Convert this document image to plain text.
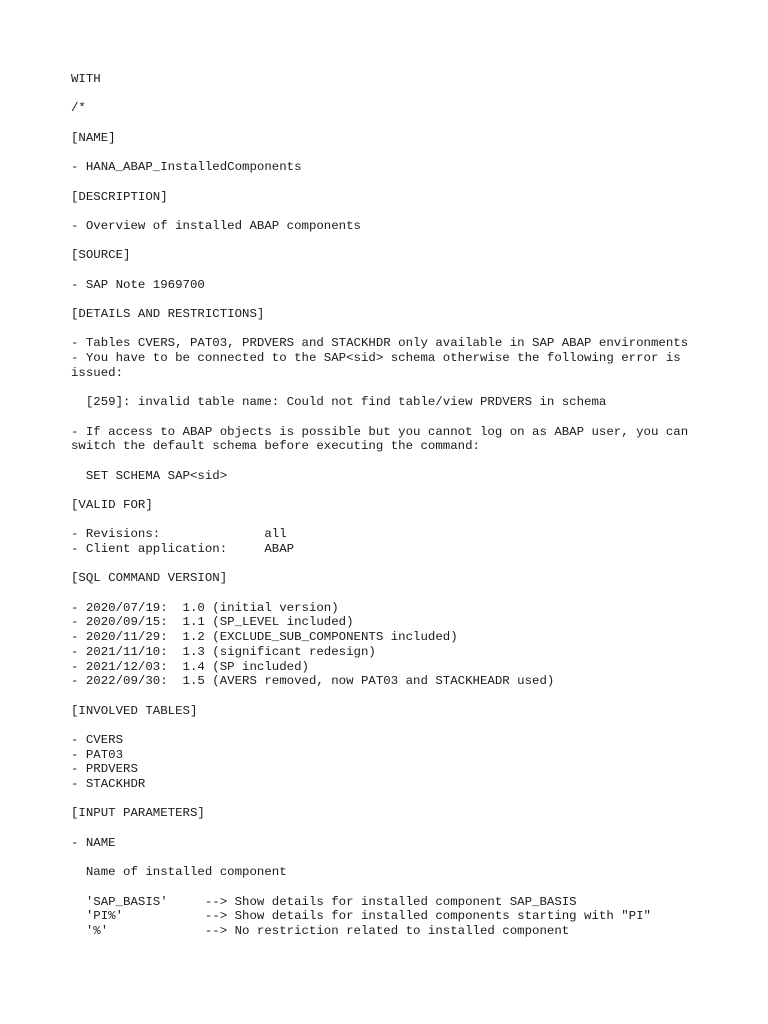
WITH
/*
[NAME]
- HANA_ABAP_InstalledComponents
[DESCRIPTION]
- Overview of installed ABAP components
[SOURCE]
- SAP Note 1969700
[DETAILS AND RESTRICTIONS]
- Tables CVERS, PAT03, PRDVERS and STACKHDR only available in SAP ABAP environments
- You have to be connected to the SAP<sid> schema otherwise the following error is
issued:
[259]: invalid table name: Could not find table/view PRDVERS in schema
- If access to ABAP objects is possible but you cannot log on as ABAP user, you can
switch the default schema before executing the command:
SET SCHEMA SAP<sid>
[VALID FOR]
- Revisions:              all
- Client application:     ABAP
[SQL COMMAND VERSION]
- 2020/07/19:  1.0 (initial version)
- 2020/09/15:  1.1 (SP_LEVEL included)
- 2020/11/29:  1.2 (EXCLUDE_SUB_COMPONENTS included)
- 2021/11/10:  1.3 (significant redesign)
- 2021/12/03:  1.4 (SP included)
- 2022/09/30:  1.5 (AVERS removed, now PAT03 and STACKHEADR used)
[INVOLVED TABLES]
- CVERS
- PAT03
- PRDVERS
- STACKHDR
[INPUT PARAMETERS]
- NAME
Name of installed component
'SAP_BASIS'     --> Show details for installed component SAP_BASIS
'PI%'           --> Show details for installed components starting with "PI"
'%'             --> No restriction related to installed component
